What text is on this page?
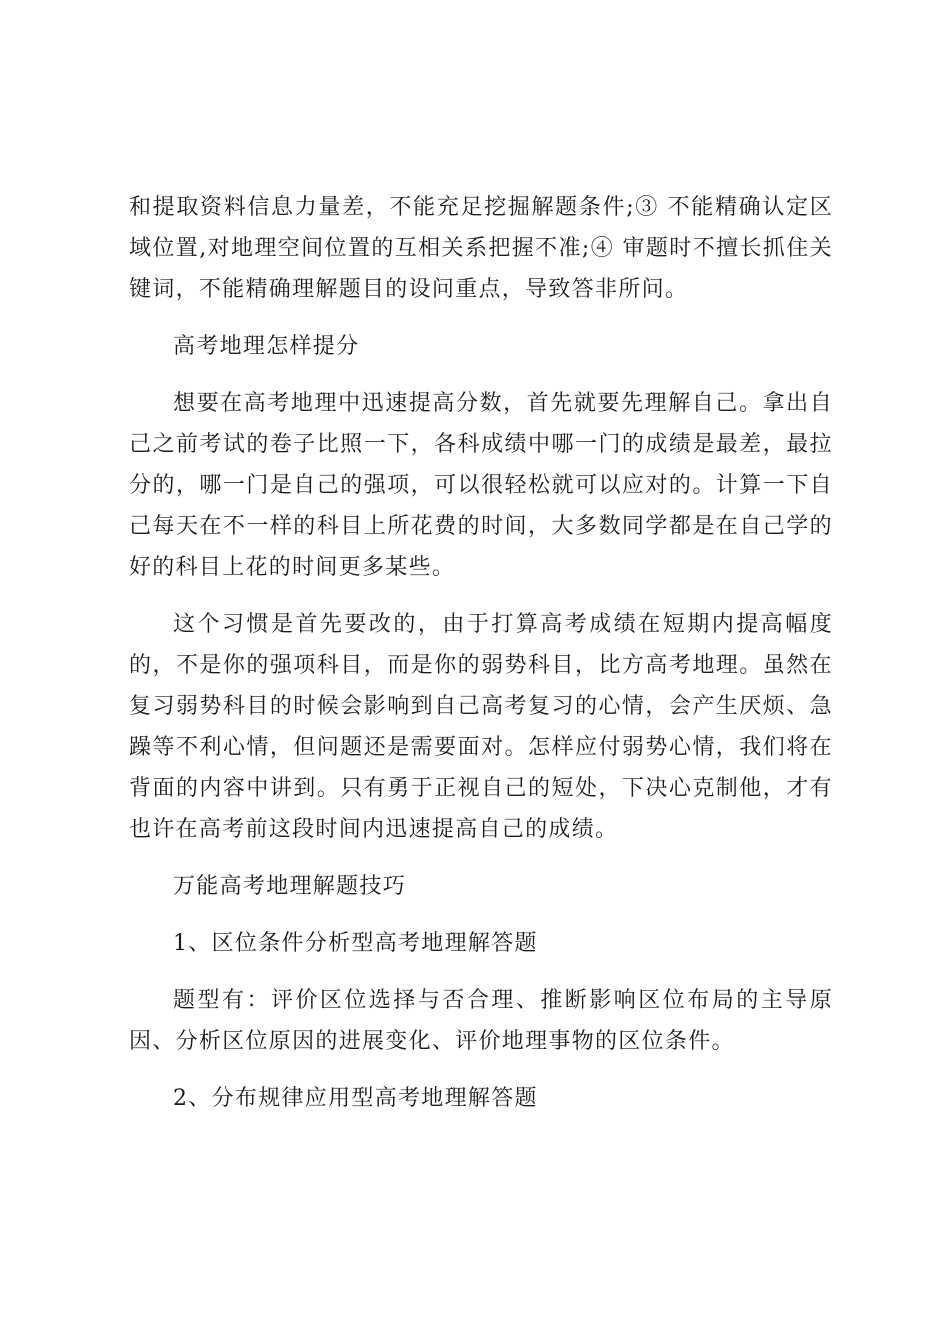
和提取资料信息力量差，不能充足挖掘解题条件;③ 不能精确认定区域位置,对地理空间位置的互相关系把握不准;④ 审题时不擅长抓住关键词，不能精确理解题目的设问重点，导致答非所问。

高考地理怎样提分

想要在高考地理中迅速提高分数，首先就要先理解自己。拿出自己之前考试的卷子比照一下，各科成绩中哪一门的成绩是最差，最拉分的，哪一门是自己的强项，可以很轻松就可以应对的。计算一下自己每天在不一样的科目上所花费的时间，大多数同学都是在自己学的好的科目上花的时间更多某些。

这个习惯是首先要改的，由于打算高考成绩在短期内提高幅度的，不是你的强项科目，而是你的弱势科目，比方高考地理。虽然在复习弱势科目的时候会影响到自己高考复习的心情，会产生厌烦、急躁等不利心情，但问题还是需要面对。怎样应付弱势心情，我们将在背面的内容中讲到。只有勇于正视自己的短处，下决心克制他，才有也许在高考前这段时间内迅速提高自己的成绩。

万能高考地理解题技巧

1、区位条件分析型高考地理解答题

题型有：评价区位选择与否合理、推断影响区位布局的主导原因、分析区位原因的进展变化、评价地理事物的区位条件。

2、分布规律应用型高考地理解答题
